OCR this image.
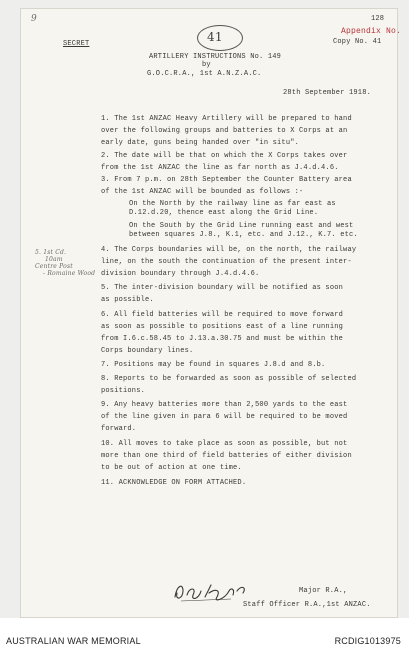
9
41
128
Appendix No.
Copy No. 41
SECRET
ARTILLERY INSTRUCTIONS No. 149
by
G.O.C.R.A., 1st A.N.Z.A.C.
28th September 1918.
1. The 1st ANZAC Heavy Artillery will be prepared to hand
over the following groups and batteries to X Corps at an
early date, guns being handed over "in situ".
2. The date will be that on which the X Corps takes over
from the 1st ANZAC the line as far north as J.4.d.4.6.
3. From 7 p.m. on 28th September the Counter Battery area
of the 1st ANZAC will be bounded as follows :-
On the North by the railway line as far east as
D.12.d.20, thence east along the Grid Line.
On the South by the Grid Line running east and west
between squares J.8., K.1, etc. and J.12., K.7. etc.
4. The Corps boundaries will be, on the north, the railway
line, on the south the continuation of the present inter-
division boundary through J.4.d.4.6.
5. The inter-division boundary will be notified as soon
as possible.
6. All field batteries will be required to move forward
as soon as possible to positions east of a line running
from I.6.c.58.45 to J.13.a.30.75 and must be within the
Corps boundary lines.
7. Positions may be found in squares J.8.d and 8.b.
8. Reports to be forwarded as soon as possible of selected
positions.
9. Any heavy batteries more than 2,500 yards to the east
of the line given in para 6 will be required to be moved
forward.
10. All moves to take place as soon as possible, but not
more than one third of field batteries of either division
to be out of action at one time.
11. ACKNOWLEDGE ON FORM ATTACHED.
5. 1st Cd.
10am
Centre Post
- Romaine Wood
Major R.A.,
Staff Officer R.A.,1st ANZAC.
AUSTRALIAN WAR MEMORIAL	RCDIG1013975
